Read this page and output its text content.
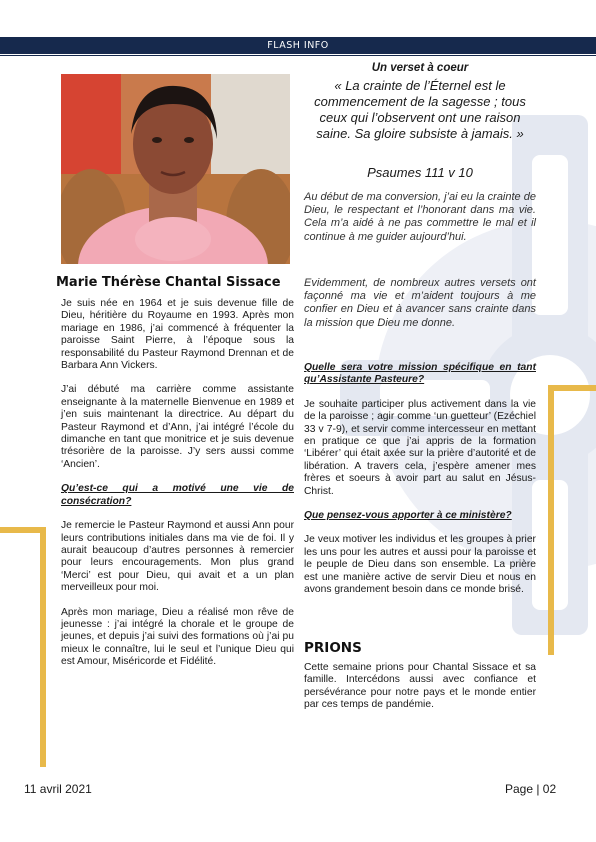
FLASH INFO
Marie Thérèse Chantal Sissace
Un verset à coeur
« La crainte de l’Éternel est le commencement de la sagesse ; tous ceux qui l’observent ont une raison saine. Sa gloire subsiste à jamais. »
Psaumes 111 v 10
Au début de ma conversion, j’ai eu la crainte de Dieu, le respectant et l’honorant dans ma vie. Cela m’a aidé à ne pas commettre le mal et il continue à me guider aujourd’hui.
Evidemment, de nombreux autres versets ont façonné ma vie et m’aident toujours à me confier en Dieu et à avancer sans crainte dans la mission que Dieu me donne.

Je suis née en 1964 et je suis devenue fille de Dieu, héritière du Royaume en 1993. Après mon mariage en 1986, j’ai commencé à fréquenter la paroisse Saint Pierre, à l’époque sous la responsabilité du Pasteur Raymond Drennan et de Barbara Ann Vickers.

J’ai débuté ma carrière comme assistante enseignante à la maternelle Bienvenue en 1989 et j’en suis maintenant la directrice. Au départ du Pasteur Raymond et d’Ann, j’ai intégré l’école du dimanche en tant que monitrice et je suis devenue trésorière de la paroisse. J’y sers aussi comme ‘Ancien’.

Qu’est-ce qui a motivé une vie de consécration?

Je remercie le Pasteur Raymond et aussi Ann pour leurs contributions initiales dans ma vie de foi. Il y aurait beaucoup d’autres personnes à remercier pour leurs encouragements. Mon plus grand ‘Merci’ est pour Dieu, qui avait et a un plan merveilleux pour moi.

Après mon mariage, Dieu a réalisé mon rêve de jeunesse : j’ai intégré la chorale et le groupe de jeunes, et depuis j’ai suivi des formations où j’ai pu mieux le connaître, lui le seul et l’unique Dieu qui est Amour, Miséricorde et Fidélité.

Quelle sera votre mission spécifique en tant qu’Assistante Pasteure?

Je souhaite participer plus activement dans la vie de la paroisse ; agir comme ‘un guetteur’ (Ezéchiel 33 v 7-9), et servir comme intercesseur en mettant en pratique ce que j’ai appris de la formation ‘Libérer’ qui était axée sur la prière d’autorité et de libération. A travers cela, j’espère amener mes frères et soeurs à avoir part au salut en Jésus-Christ.

Que pensez-vous apporter à ce ministère?

Je veux motiver les individus et les groupes à prier les uns pour les autres et aussi pour la paroisse et le peuple de Dieu dans son ensemble. La prière est une manière active de servir Dieu et nous en avons grandement besoin dans ce monde brisé.

PRIONS
Cette semaine prions pour Chantal Sissace et sa famille. Intercédons aussi avec confiance et persévérance pour notre pays et le monde entier par ces temps de pandémie.
11 avril 2021	Page | 02
